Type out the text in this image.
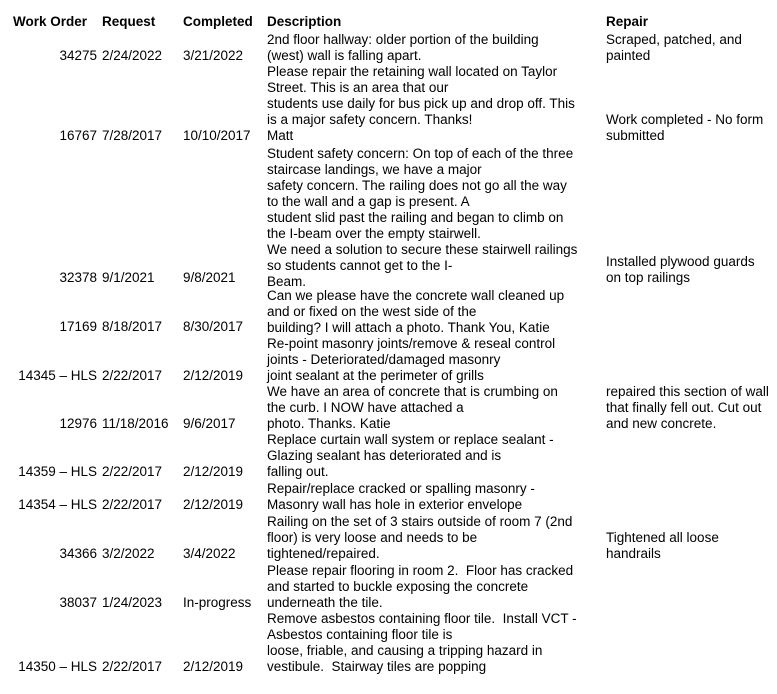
Work Order Request Completed Description	Repair
34275 2/24/2022 3/21/2022
2nd floor hallway: older portion of the building
(west) wall is falling apart.
Scraped, patched, and
painted
16767 7/28/2017 10/10/2017
Please repair the retaining wall located on Taylor
Street. This is an area that our
students use daily for bus pick up and drop off. This
is a major safety concern. Thanks!
Matt
Work completed - No form
submitted
32378 9/1/2021 9/8/2021
Student safety concern: On top of each of the three
staircase landings, we have a major
safety concern. The railing does not go all the way
to the wall and a gap is present. A
student slid past the railing and began to climb on
the I-beam over the empty stairwell.
We need a solution to secure these stairwell railings
so students cannot get to the I-
Beam.
Installed plywood guards
on top railings
17169 8/18/2017 8/30/2017
Can we please have the concrete wall cleaned up
and or fixed on the west side of the
building? I will attach a photo. Thank You, Katie
14345 – HLS 2/22/2017 2/12/2019
Re-point masonry joints/remove & reseal control
joints - Deteriorated/damaged masonry
joint sealant at the perimeter of grills
12976 11/18/2016 9/6/2017
We have an area of concrete that is crumbing on
the curb. I NOW have attached a
photo. Thanks. Katie
repaired this section of wall
that finally fell out. Cut out
and new concrete.
14359 – HLS 2/22/2017 2/12/2019
Replace curtain wall system or replace sealant -
Glazing sealant has deteriorated and is
falling out.
14354 – HLS 2/22/2017 2/12/2019
Repair/replace cracked or spalling masonry -
Masonry wall has hole in exterior envelope
34366 3/2/2022 3/4/2022
Railing on the set of 3 stairs outside of room 7 (2nd
floor) is very loose and needs to be
tightened/repaired.
Tightened all loose
handrails
38037 1/24/2023 In-progress
Please repair flooring in room 2.  Floor has cracked
and started to buckle exposing the concrete
underneath the tile.
14350 – HLS 2/22/2017 2/12/2019
Remove asbestos containing floor tile.  Install VCT -
Asbestos containing floor tile is
loose, friable, and causing a tripping hazard in
vestibule.  Stairway tiles are popping
